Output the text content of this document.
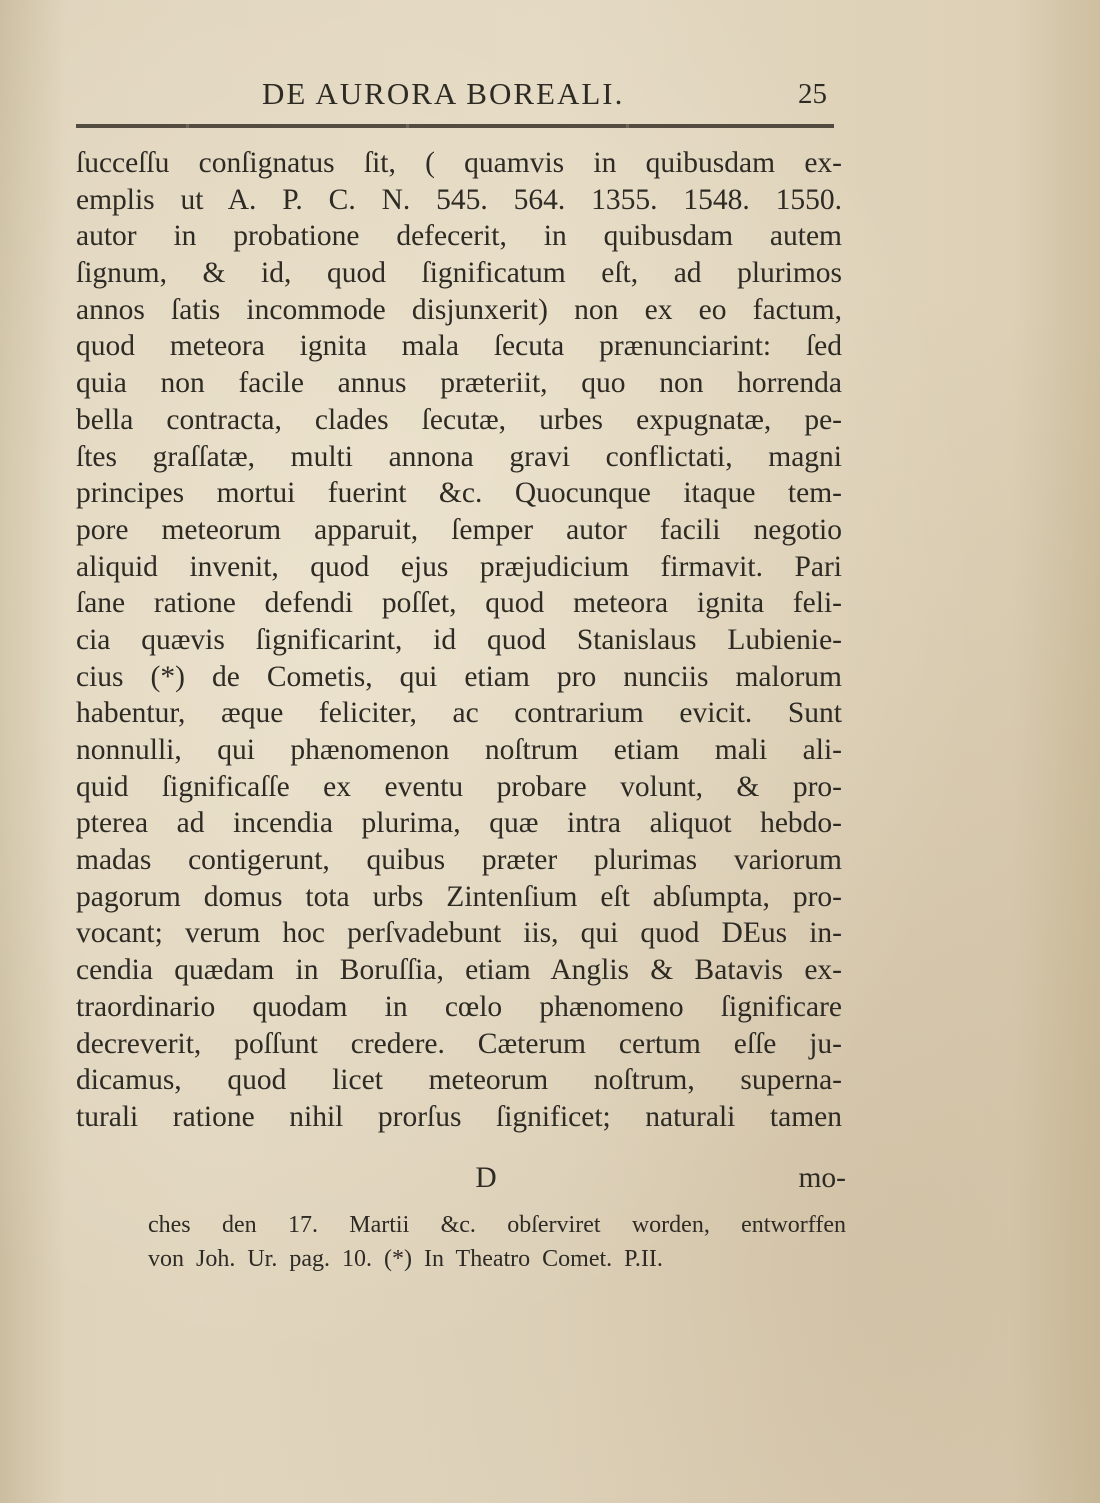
DE AURORA BOREALI.	25
ſucceſſu conſignatus ſit, ( quamvis in quibusdam ex-
emplis ut A. P. C. N. 545. 564. 1355. 1548. 1550.
autor in probatione defecerit, in quibusdam autem
ſignum, & id, quod ſignificatum eſt, ad plurimos
annos ſatis incommode disjunxerit) non ex eo factum,
quod meteora ignita mala ſecuta prænunciarint: ſed
quia non facile annus præteriit, quo non horrenda
bella contracta, clades ſecutæ, urbes expugnatæ, pe-
ſtes graſſatæ, multi annona gravi conflictati, magni
principes mortui fuerint &c. Quocunque itaque tem-
pore meteorum apparuit, ſemper autor facili negotio
aliquid invenit, quod ejus præjudicium firmavit. Pari
ſane ratione defendi poſſet, quod meteora ignita feli-
cia quævis ſignificarint, id quod Stanislaus Lubienie-
cius (*) de Cometis, qui etiam pro nunciis malorum
habentur, æque feliciter, ac contrarium evicit. Sunt
nonnulli, qui phænomenon noſtrum etiam mali ali-
quid ſignificaſſe ex eventu probare volunt, & pro-
pterea ad incendia plurima, quæ intra aliquot hebdo-
madas contigerunt, quibus præter plurimas variorum
pagorum domus tota urbs Zintenſium eſt abſumpta, pro-
vocant; verum hoc perſvadebunt iis, qui quod DEus in-
cendia quædam in Boruſſia, etiam Anglis & Batavis ex-
traordinario quodam in cœlo phænomeno ſignificare
decreverit, poſſunt credere. Cæterum certum eſſe ju-
dicamus, quod licet meteorum noſtrum, superna-
turali ratione nihil prorſus ſignificet; naturali tamen
D	mo-
ches den 17. Martii &c. obſerviret worden, entworffen
von Joh. Ur. pag. 10. (*) In Theatro Comet. P.II.
